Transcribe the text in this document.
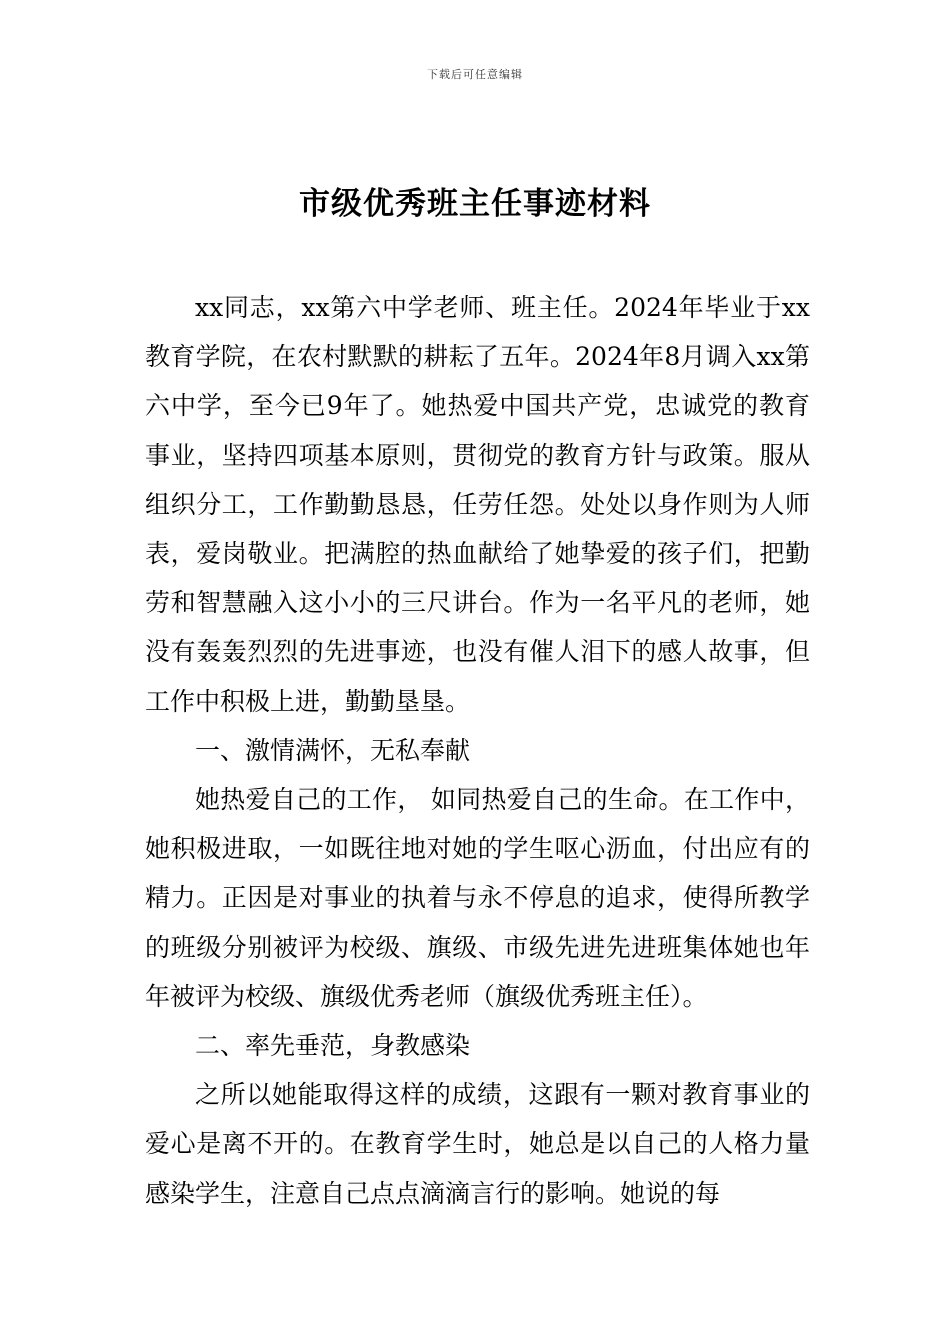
下载后可任意编辑
市级优秀班主任事迹材料

xx同志，xx第六中学老师、班主任。2024年毕业于xx教育学院，在农村默默的耕耘了五年。2024年8月调入xx第六中学，至今已9年了。她热爱中国共产党，忠诚党的教育事业，坚持四项基本原则，贯彻党的教育方针与政策。服从组织分工，工作勤勤恳恳，任劳任怨。处处以身作则为人师表，爱岗敬业。把满腔的热血献给了她挚爱的孩子们，把勤劳和智慧融入这小小的三尺讲台。作为一名平凡的老师，她没有轰轰烈烈的先进事迹，也没有催人泪下的感人故事，但工作中积极上进，勤勤垦垦。

一、激情满怀，无私奉献

她热爱自己的工作， 如同热爱自己的生命。在工作中，她积极进取，一如既往地对她的学生呕心沥血，付出应有的精力。正因是对事业的执着与永不停息的追求，使得所教学的班级分别被评为校级、旗级、市级先进先进班集体她也年年被评为校级、旗级优秀老师（旗级优秀班主任）。

二、率先垂范，身教感染

之所以她能取得这样的成绩，这跟有一颗对教育事业的爱心是离不开的。在教育学生时，她总是以自己的人格力量感染学生，注意自己点点滴滴言行的影响。她说的每
